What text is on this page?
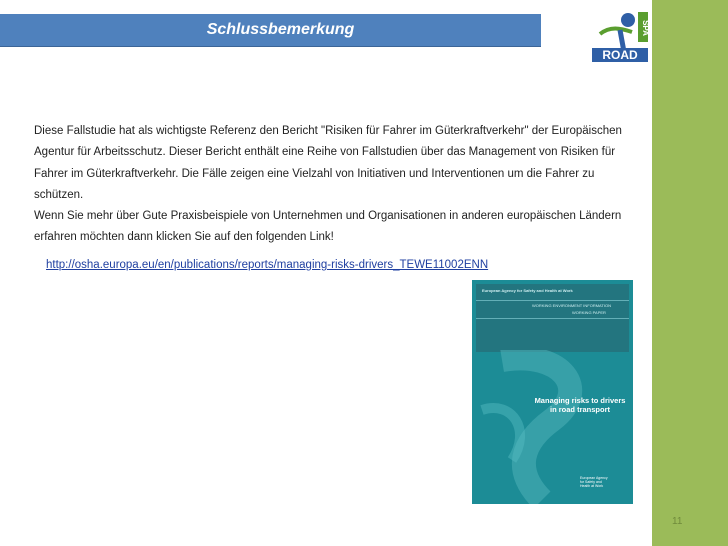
Schlussbemerkung	SPA
ROAD

Diese Fallstudie hat als wichtigste Referenz den Bericht "Risiken für Fahrer im Güterkraftverkehr" der Europäischen Agentur für Arbeitsschutz. Dieser Bericht enthält eine Reihe von Fallstudien über das Management von Risiken für Fahrer im Güterkraftverkehr. Die Fälle zeigen eine Vielzahl von Initiativen und Interventionen um die Fahrer zu schützen.

Wenn Sie mehr über Gute Praxisbeispiele von Unternehmen und Organisationen in anderen europäischen Ländern erfahren möchten dann klicken Sie auf den folgenden Link!

http://osha.europa.eu/en/publications/reports/managing-risks-drivers_TEWE11002ENN
European Agency for Safety and Health at Work
WORKING ENVIRONMENT INFORMATION
WORKING PAPER
Managing risks to drivers in road transport
European Agency for Safety and Health at Work
11
